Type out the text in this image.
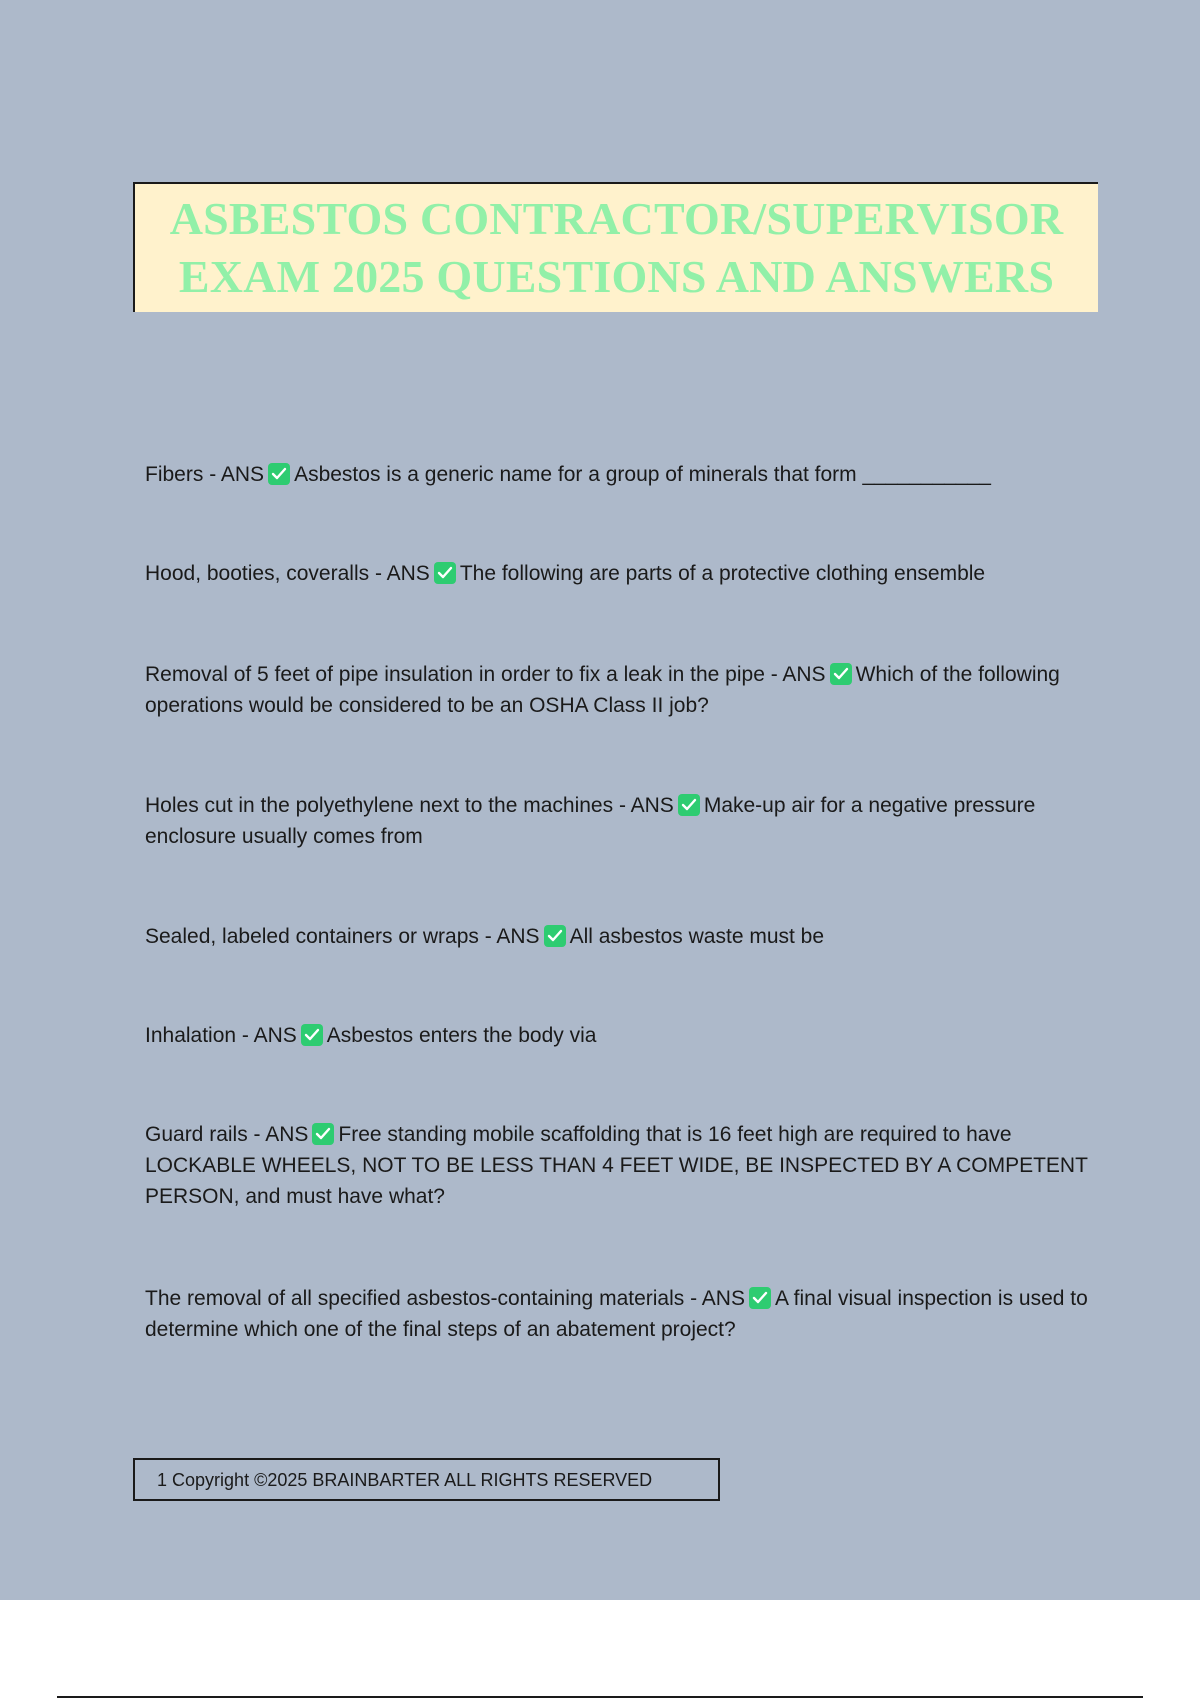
ASBESTOS CONTRACTOR/SUPERVISOR
EXAM 2025 QUESTIONS AND ANSWERS
Fibers - ANS Asbestos is a generic name for a group of minerals that form ___________
Hood, booties, coveralls - ANS The following are parts of a protective clothing ensemble
Removal of 5 feet of pipe insulation in order to fix a leak in the pipe - ANS Which of the following operations would be considered to be an OSHA Class II job?
Holes cut in the polyethylene next to the machines - ANS Make-up air for a negative pressure enclosure usually comes from
Sealed, labeled containers or wraps - ANS All asbestos waste must be
Inhalation - ANS Asbestos enters the body via
Guard rails - ANS Free standing mobile scaffolding that is 16 feet high are required to have LOCKABLE WHEELS, NOT TO BE LESS THAN 4 FEET WIDE, BE INSPECTED BY A COMPETENT PERSON, and must have what?
The removal of all specified asbestos-containing materials - ANS A final visual inspection is used to determine which one of the final steps of an abatement project?
1 Copyright ©2025 BRAINBARTER ALL RIGHTS RESERVED
